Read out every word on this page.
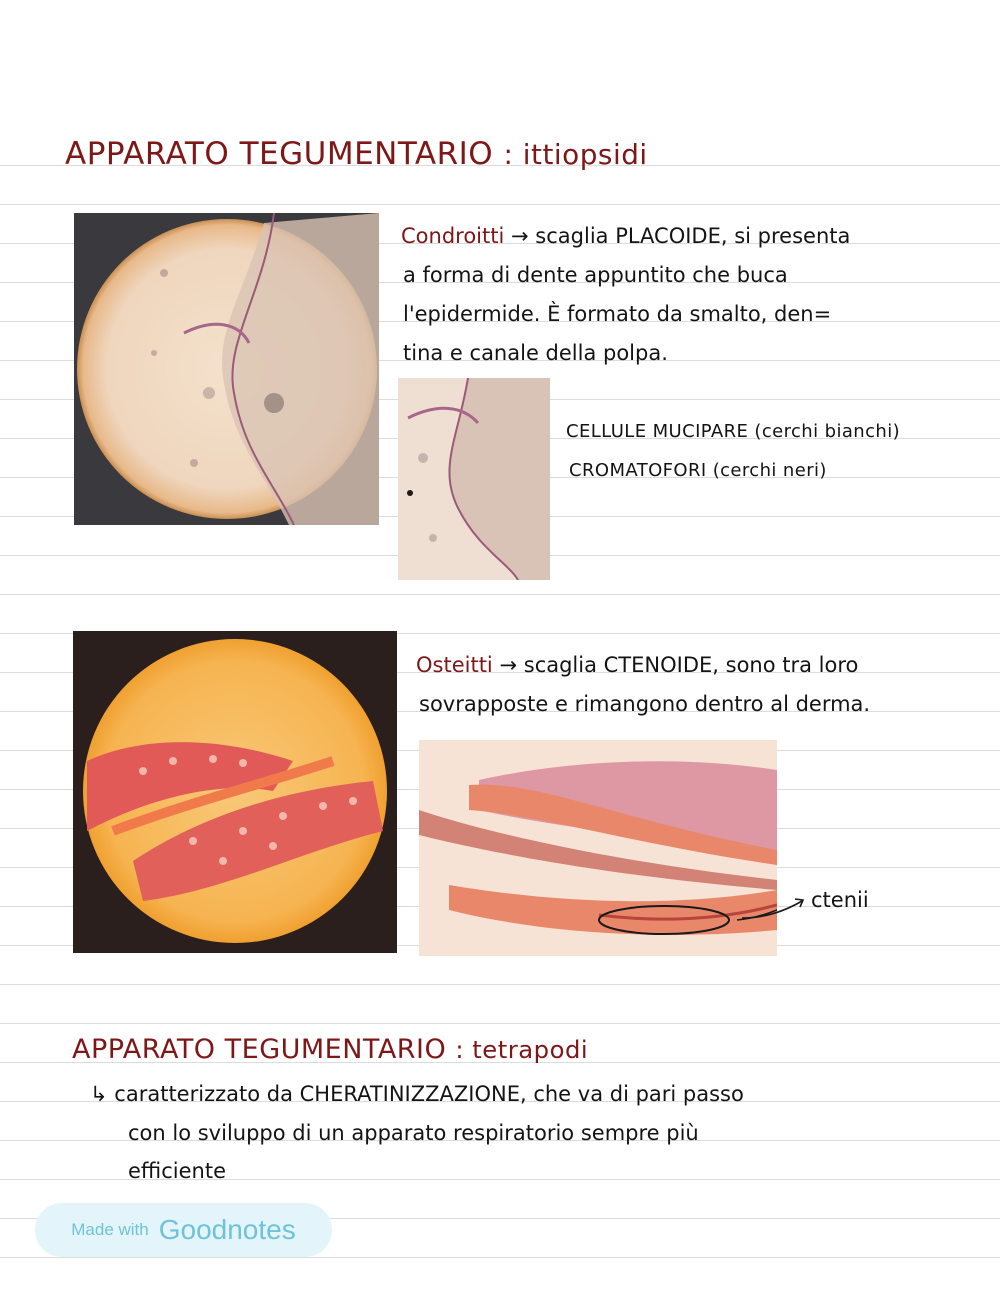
APPARATO TEGUMENTARIO : ittiopsidi
Condroitti → scaglia PLACOIDE, si presenta
a forma di dente appuntito che buca
l'epidermide. È formato da smalto, den=
tina e canale della polpa.
CELLULE MUCIPARE (cerchi bianchi)
CROMATOFORI (cerchi neri)
Osteitti → scaglia CTENOIDE, sono tra loro
sovrapposte e rimangono dentro al derma.
ctenii
APPARATO TEGUMENTARIO : tetrapodi
↳ caratterizzato da CHERATINIZZAZIONE, che va di pari passo
con lo sviluppo di un apparato respiratorio sempre più
efficiente
Made with Goodnotes
